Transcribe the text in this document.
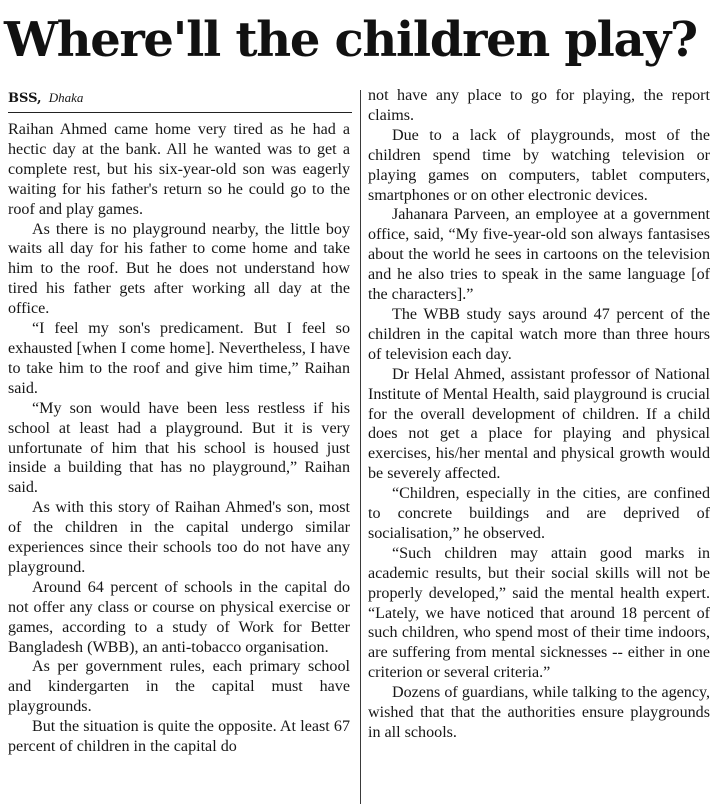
Where'll the children play?
BSS, Dhaka

Raihan Ahmed came home very tired as he had a hectic day at the bank. All he wanted was to get a complete rest, but his six-year-old son was eagerly waiting for his father's return so he could go to the roof and play games.

As there is no playground nearby, the little boy waits all day for his father to come home and take him to the roof. But he does not understand how tired his father gets after working all day at the office.

“I feel my son's predicament. But I feel so exhausted [when I come home]. Nevertheless, I have to take him to the roof and give him time,” Raihan said.

“My son would have been less restless if his school at least had a playground. But it is very unfortunate of him that his school is housed just inside a building that has no playground,” Raihan said.

As with this story of Raihan Ahmed's son, most of the children in the capital undergo similar experiences since their schools too do not have any playground.

Around 64 percent of schools in the capital do not offer any class or course on physical exercise or games, according to a study of Work for Better Bangladesh (WBB), an anti-tobacco organisation.

As per government rules, each primary school and kindergarten in the capital must have playgrounds.

But the situation is quite the opposite. At least 67 percent of children in the capital do

not have any place to go for playing, the report claims.

Due to a lack of playgrounds, most of the children spend time by watching television or playing games on computers, tablet computers, smartphones or on other electronic devices.

Jahanara Parveen, an employee at a government office, said, “My five-year-old son always fantasises about the world he sees in cartoons on the television and he also tries to speak in the same language [of the characters].”

The WBB study says around 47 percent of the children in the capital watch more than three hours of television each day.

Dr Helal Ahmed, assistant professor of National Institute of Mental Health, said playground is crucial for the overall development of children. If a child does not get a place for playing and physical exercises, his/her mental and physical growth would be severely affected.

“Children, especially in the cities, are confined to concrete buildings and are deprived of socialisation,” he observed.

“Such children may attain good marks in academic results, but their social skills will not be properly developed,” said the mental health expert. “Lately, we have noticed that around 18 percent of such children, who spend most of their time indoors, are suffering from mental sicknesses -- either in one criterion or several criteria.”

Dozens of guardians, while talking to the agency, wished that that the authorities ensure playgrounds in all schools.
